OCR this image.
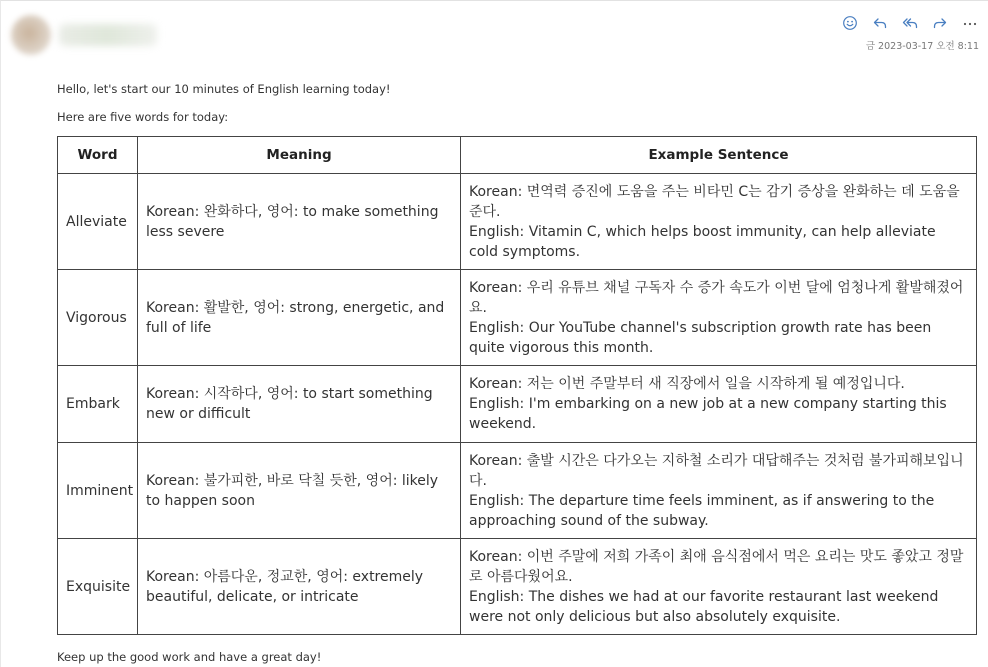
금 2023-03-17 오전 8:11

Hello, let's start our 10 minutes of English learning today!

Here are five words for today:

Word	Meaning	Example Sentence
Alleviate	Korean: 완화하다, 영어: to make something less severe	Korean: 면역력 증진에 도움을 주는 비타민 C는 감기 증상을 완화하는 데 도움을 준다.
English: Vitamin C, which helps boost immunity, can help alleviate cold symptoms.

Vigorous	Korean: 활발한, 영어: strong, energetic, and full of life	Korean: 우리 유튜브 채널 구독자 수 증가 속도가 이번 달에 엄청나게 활발해졌어요.
English: Our YouTube channel's subscription growth rate has been quite vigorous this month.

Embark	Korean: 시작하다, 영어: to start something new or difficult	Korean: 저는 이번 주말부터 새 직장에서 일을 시작하게 될 예정입니다.
English: I'm embarking on a new job at a new company starting this weekend.

Imminent	Korean: 불가피한, 바로 닥칠 듯한, 영어: likely to happen soon	Korean: 출발 시간은 다가오는 지하철 소리가 대답해주는 것처럼 불가피해보입니다.
English: The departure time feels imminent, as if answering to the approaching sound of the subway.

Exquisite	Korean: 아름다운, 정교한, 영어: extremely beautiful, delicate, or intricate	Korean: 이번 주말에 저희 가족이 최애 음식점에서 먹은 요리는 맛도 좋았고 정말로 아름다웠어요.
English: The dishes we had at our favorite restaurant last weekend were not only delicious but also absolutely exquisite.

Keep up the good work and have a great day!
